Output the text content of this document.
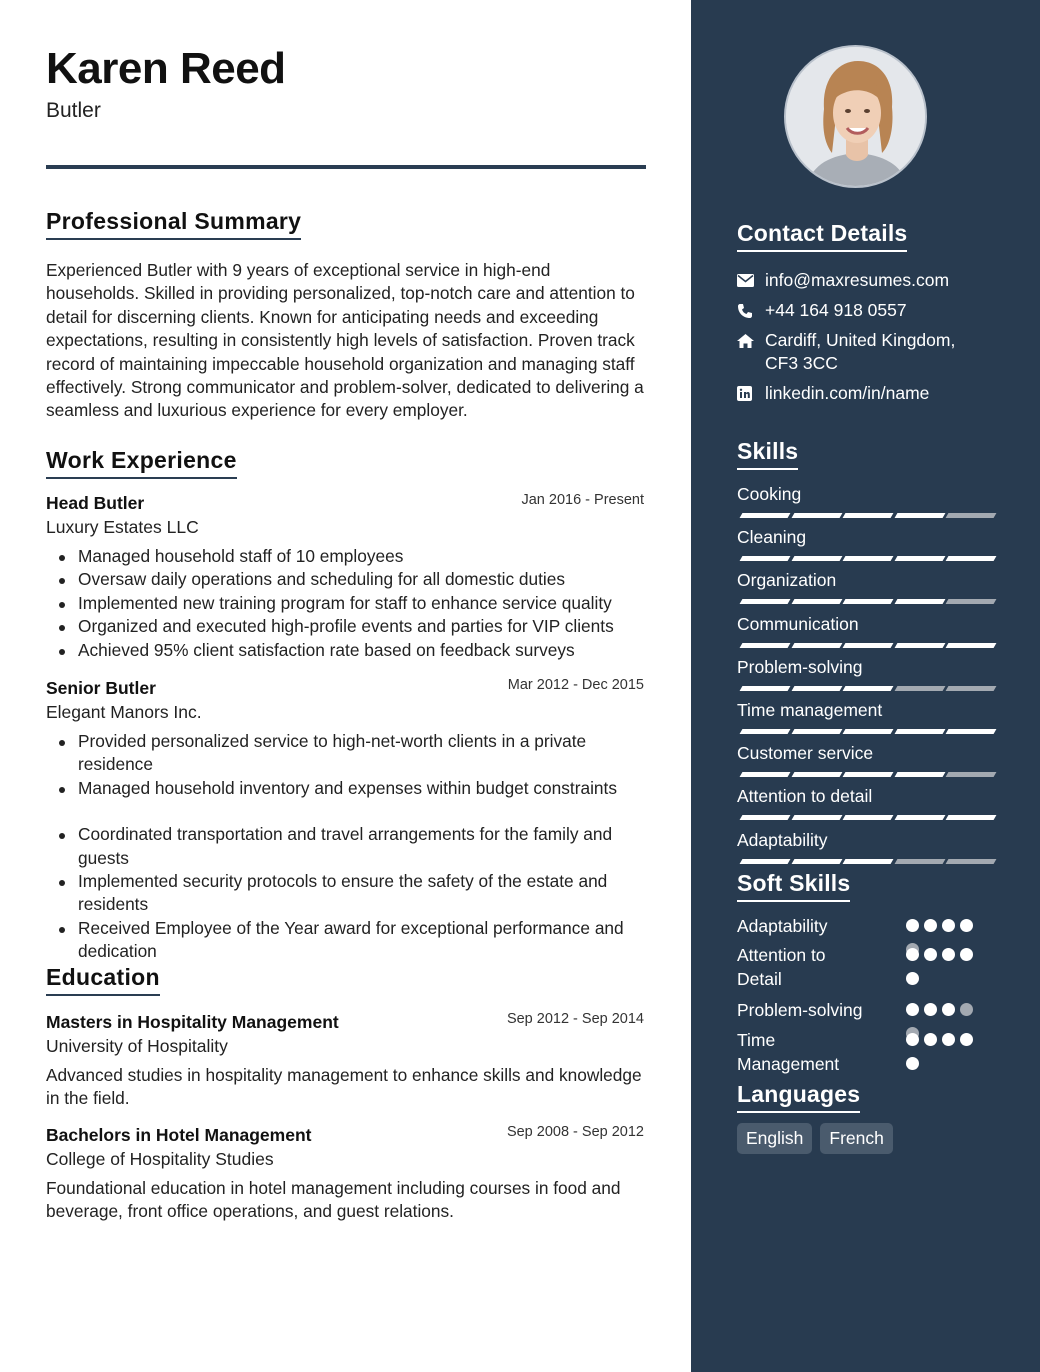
Karen Reed
Butler
Professional Summary
Experienced Butler with 9 years of exceptional service in high-end households. Skilled in providing personalized, top-notch care and attention to detail for discerning clients. Known for anticipating needs and exceeding expectations, resulting in consistently high levels of satisfaction. Proven track record of maintaining impeccable household organization and managing staff effectively. Strong communicator and problem-solver, dedicated to delivering a seamless and luxurious experience for every employer.
Work Experience
Head Butler
Luxury Estates LLC
Jan 2016 - Present
Managed household staff of 10 employees
Oversaw daily operations and scheduling for all domestic duties
Implemented new training program for staff to enhance service quality
Organized and executed high-profile events and parties for VIP clients
Achieved 95% client satisfaction rate based on feedback surveys
Senior Butler
Elegant Manors Inc.
Mar 2012 - Dec 2015
Provided personalized service to high-net-worth clients in a private residence
Managed household inventory and expenses within budget constraints
Coordinated transportation and travel arrangements for the family and guests
Implemented security protocols to ensure the safety of the estate and residents
Received Employee of the Year award for exceptional performance and dedication
Education
Masters in Hospitality Management
University of Hospitality
Sep 2012 - Sep 2014
Advanced studies in hospitality management to enhance skills and knowledge in the field.
Bachelors in Hotel Management
College of Hospitality Studies
Sep 2008 - Sep 2012
Foundational education in hotel management including courses in food and beverage, front office operations, and guest relations.
Contact Details
info@maxresumes.com
+44 164 918 0557
Cardiff, United Kingdom, CF3 3CC
linkedin.com/in/name
Skills
Cooking
Cleaning
Organization
Communication
Problem-solving
Time management
Customer service
Attention to detail
Adaptability
Soft Skills
Adaptability
Attention to Detail
Problem-solving
Time Management
Languages
English	French
